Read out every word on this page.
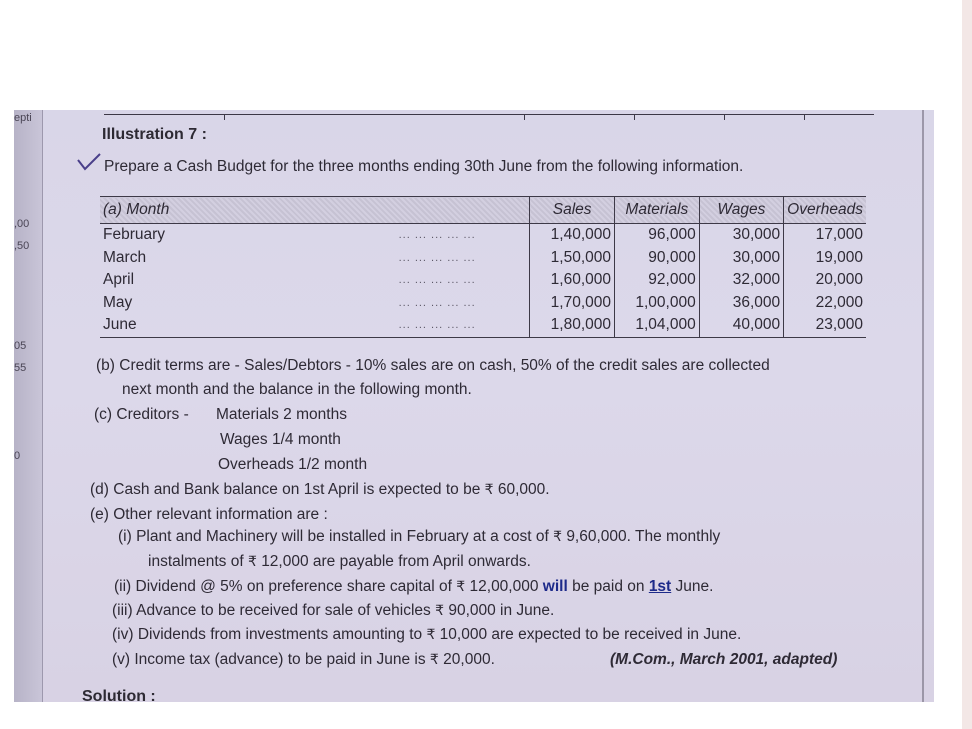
epti
,00
,50
05
55
0
Illustration 7 :
Prepare a Cash Budget for the three months ending 30th June from the following information.
(a) Month		Sales	Materials	Wages	Overheads
February	... ... ... ... ...	1,40,000	96,000	30,000	17,000
March	... ... ... ... ...	1,50,000	90,000	30,000	19,000
April	... ... ... ... ...	1,60,000	92,000	32,000	20,000
May	... ... ... ... ...	1,70,000	1,00,000	36,000	22,000
June	... ... ... ... ...	1,80,000	1,04,000	40,000	23,000
(b) Credit terms are - Sales/Debtors - 10% sales are on cash, 50% of the credit sales are collected
next month and the balance in the following month.
(c) Creditors - Materials 2 months
Wages 1/4 month
Overheads 1/2 month
(d) Cash and Bank balance on 1st April is expected to be ₹ 60,000.
(e) Other relevant information are :
(i) Plant and Machinery will be installed in February at a cost of ₹ 9,60,000. The monthly
instalments of ₹ 12,000 are payable from April onwards.
(ii) Dividend @ 5% on preference share capital of ₹ 12,00,000 will be paid on 1st June.
(iii) Advance to be received for sale of vehicles ₹ 90,000 in June.
(iv) Dividends from investments amounting to ₹ 10,000 are expected to be received in June.
(v) Income tax (advance) to be paid in June is ₹ 20,000.	(M.Com., March 2001, adapted)
Solution :
